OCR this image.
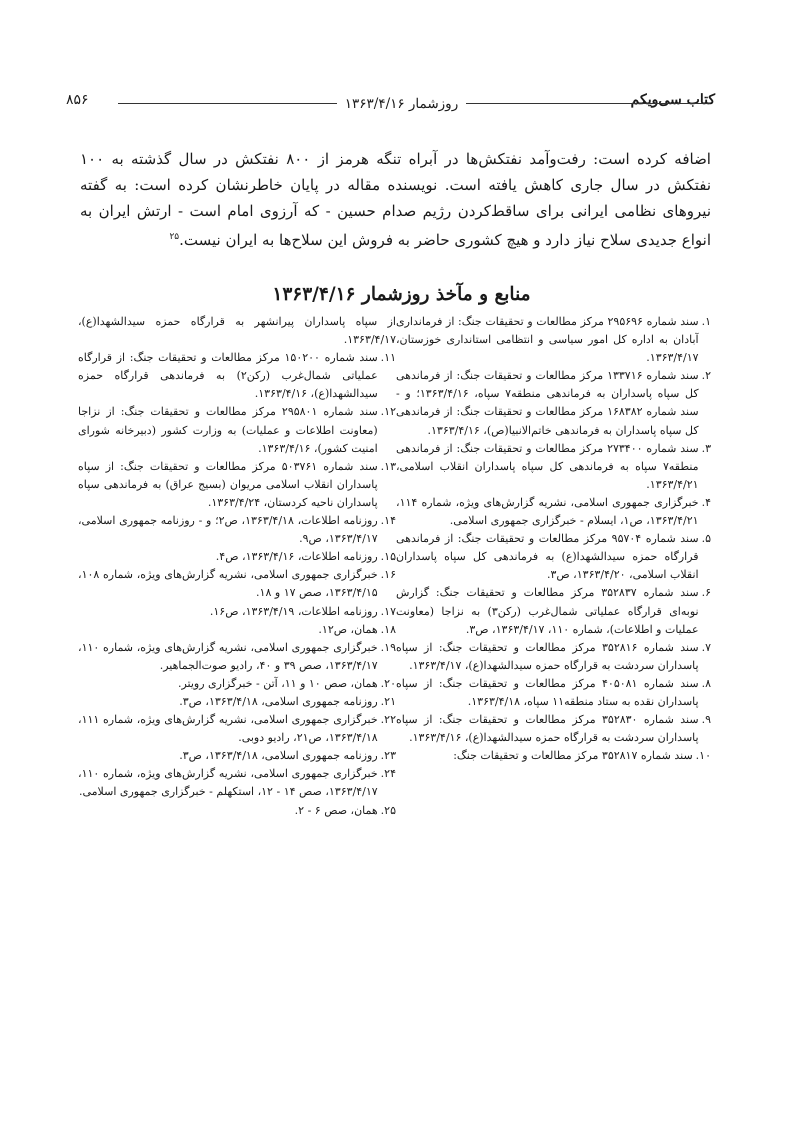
کتاب سی‌ویکم
روزشمار ۱۳۶۳/۴/۱۶
۸۵۶

اضافه کرده است: رفت‌وآمد نفتکش‌ها در آبراه تنگه هرمز از ۸۰۰ نفتکش در سال گذشته به ۱۰۰ نفتکش در سال جاری کاهش یافته است. نویسنده مقاله در پایان خاطرنشان کرده است: به گفته نیروهای نظامی ایرانی برای ساقط‌کردن رژیم صدام حسین - که آرزوی امام است - ارتش ایران به انواع جدیدی سلاح نیاز دارد و هیچ کشوری حاضر به فروش این سلاح‌ها به ایران نیست.$^{۲۵}$

منابع و مآخذ روزشمار ۱۳۶۳/۴/۱۶
۱.
سند شماره ۲۹۵۶۹۶ مرکز مطالعات و تحقیقات جنگ: از فرمانداری آبادان به اداره کل امور سیاسی و انتظامی استانداری خوزستان، ۱۳۶۳/۴/۱۷.
۲.
سند شماره ۱۳۳۷۱۶ مرکز مطالعات و تحقیقات جنگ: از فرماندهی کل سپاه پاسداران به فرماندهی منطقه۷ سپاه، ۱۳۶۳/۴/۱۶؛ و - سند شماره ۱۶۸۳۸۲ مرکز مطالعات و تحقیقات جنگ: از فرماندهی کل سپاه پاسداران به فرماندهی خاتم‌الانبیا(ص)، ۱۳۶۳/۴/۱۶.
۳.
سند شماره ۲۷۳۴۰۰ مرکز مطالعات و تحقیقات جنگ: از فرماندهی منطقه۷ سپاه به فرماندهی کل سپاه پاسداران انقلاب اسلامی، ۱۳۶۳/۴/۲۱.
۴.
خبرگزاری جمهوری اسلامی، نشریه گزارش‌های ویژه، شماره ۱۱۴، ۱۳۶۳/۴/۲۱، ص۱، ایسلام - خبرگزاری جمهوری اسلامی.
۵.
سند شماره ۹۵۷۰۴ مرکز مطالعات و تحقیقات جنگ: از فرماندهی قرارگاه حمزه سیدالشهدا(ع) به فرماندهی کل سپاه پاسداران انقلاب اسلامی، ۱۳۶۳/۴/۲۰، ص۳.
۶.
سند شماره ۳۵۲۸۳۷ مرکز مطالعات و تحقیقات جنگ: گزارش نوبه‌ای قرارگاه عملیاتی شمال‌غرب (رکن۳) به نزاجا (معاونت عملیات و اطلاعات)، شماره ۱۱۰، ۱۳۶۳/۴/۱۷، ص۳.
۷.
سند شماره ۳۵۲۸۱۶ مرکز مطالعات و تحقیقات جنگ: از سپاه پاسداران سردشت به قرارگاه حمزه سیدالشهدا(ع)، ۱۳۶۳/۴/۱۷.
۸.
سند شماره ۴۰۵۰۸۱ مرکز مطالعات و تحقیقات جنگ: از سپاه پاسداران نقده به ستاد منطقه۱۱ سپاه، ۱۳۶۳/۴/۱۸.
۹.
سند شماره ۳۵۲۸۳۰ مرکز مطالعات و تحقیقات جنگ: از سپاه پاسداران سردشت به قرارگاه حمزه سیدالشهدا(ع)، ۱۳۶۳/۴/۱۶.
۱۰.
سند شماره ۳۵۲۸۱۷ مرکز مطالعات و تحقیقات جنگ:
از سپاه پاسداران پیرانشهر به قرارگاه حمزه سیدالشهدا(ع)، ۱۳۶۳/۴/۱۷.
۱۱.
سند شماره ۱۵۰۲۰۰ مرکز مطالعات و تحقیقات جنگ: از قرارگاه عملیاتی شمال‌غرب (رکن۲) به فرماندهی قرارگاه حمزه سیدالشهدا(ع)، ۱۳۶۳/۴/۱۶.
۱۲.
سند شماره ۲۹۵۸۰۱ مرکز مطالعات و تحقیقات جنگ: از نزاجا (معاونت اطلاعات و عملیات) به وزارت کشور (دبیرخانه شورای امنیت کشور)، ۱۳۶۳/۴/۱۶.
۱۳.
سند شماره ۵۰۳۷۶۱ مرکز مطالعات و تحقیقات جنگ: از سپاه پاسداران انقلاب اسلامی مریوان (بسیج عراق) به فرماندهی سپاه پاسداران ناحیه کردستان، ۱۳۶۳/۴/۲۴.
۱۴.
روزنامه اطلاعات، ۱۳۶۳/۴/۱۸، ص۲؛ و - روزنامه جمهوری اسلامی، ۱۳۶۳/۴/۱۷، ص۹.
۱۵.
روزنامه اطلاعات، ۱۳۶۳/۴/۱۶، ص۴.
۱۶.
خبرگزاری جمهوری اسلامی، نشریه گزارش‌های ویژه، شماره ۱۰۸، ۱۳۶۳/۴/۱۵، صص ۱۷ و ۱۸.
۱۷.
روزنامه اطلاعات، ۱۳۶۳/۴/۱۹، ص۱۶.
۱۸.
همان، ص۱۲.
۱۹.
خبرگزاری جمهوری اسلامی، نشریه گزارش‌های ویژه، شماره ۱۱۰، ۱۳۶۳/۴/۱۷، صص ۳۹ و ۴۰، رادیو صوت‌الجماهیر.
۲۰.
همان، صص ۱۰ و ۱۱، آتن - خبرگزاری رویتر.
۲۱.
روزنامه جمهوری اسلامی، ۱۳۶۳/۴/۱۸، ص۳.
۲۲.
خبرگزاری جمهوری اسلامی، نشریه گزارش‌های ویژه، شماره ۱۱۱، ۱۳۶۳/۴/۱۸، ص۲۱، رادیو دوبی.
۲۳.
روزنامه جمهوری اسلامی، ۱۳۶۳/۴/۱۸، ص۳.
۲۴.
خبرگزاری جمهوری اسلامی، نشریه گزارش‌های ویژه، شماره ۱۱۰، ۱۳۶۳/۴/۱۷، صص ۱۴ - ۱۲، استکهلم - خبرگزاری جمهوری اسلامی.
۲۵.
همان، صص ۶ - ۲.
